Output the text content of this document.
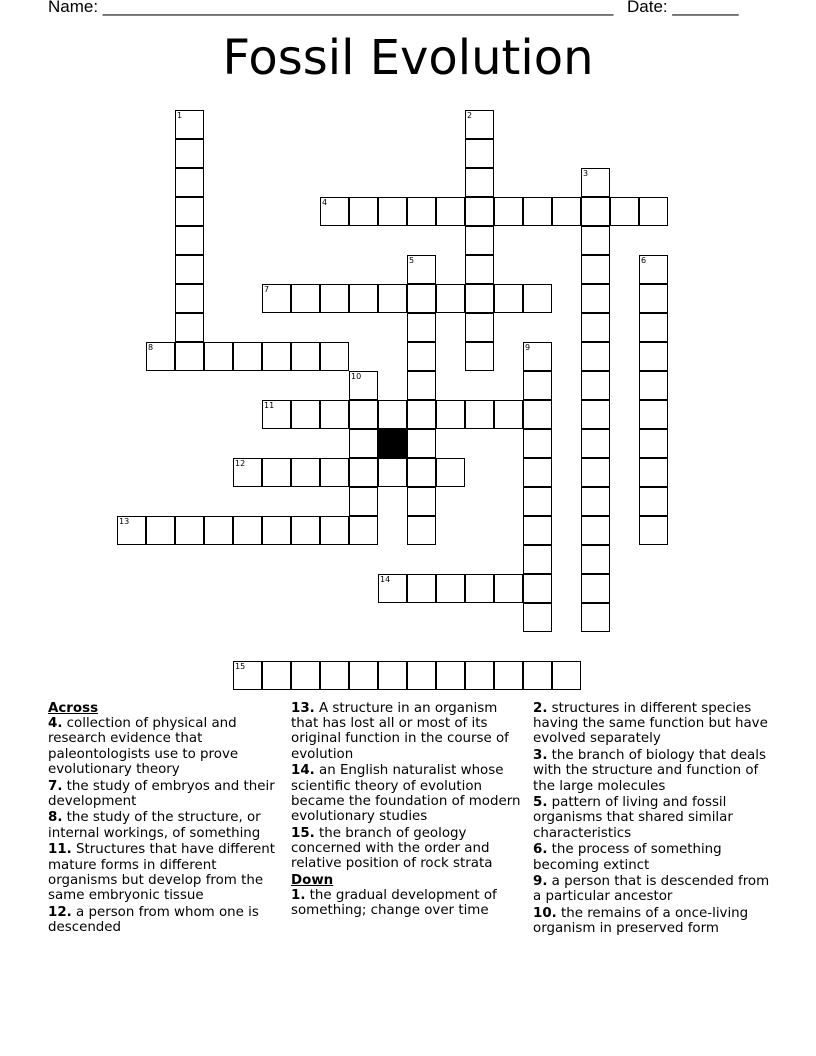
Name: ______________________________________________________ Date: _______
Fossil Evolution
1	2
3
4
5	6
7
8	9
10
11
12
13
14
15
Across
4. collection of physical and research evidence that paleontologists use to prove evolutionary theory
7. the study of embryos and their development
8. the study of the structure, or internal workings, of something
11. Structures that have different mature forms in different organisms but develop from the same embryonic tissue
12. a person from whom one is descended
13. A structure in an organism that has lost all or most of its original function in the course of evolution
14. an English naturalist whose scientific theory of evolution became the foundation of modern evolutionary studies
15. the branch of geology concerned with the order and relative position of rock strata
Down
1. the gradual development of something; change over time
2. structures in different species having the same function but have evolved separately
3. the branch of biology that deals with the structure and function of the large molecules
5. pattern of living and fossil organisms that shared similar characteristics
6. the process of something becoming extinct
9. a person that is descended from a particular ancestor
10. the remains of a once-living organism in preserved form
